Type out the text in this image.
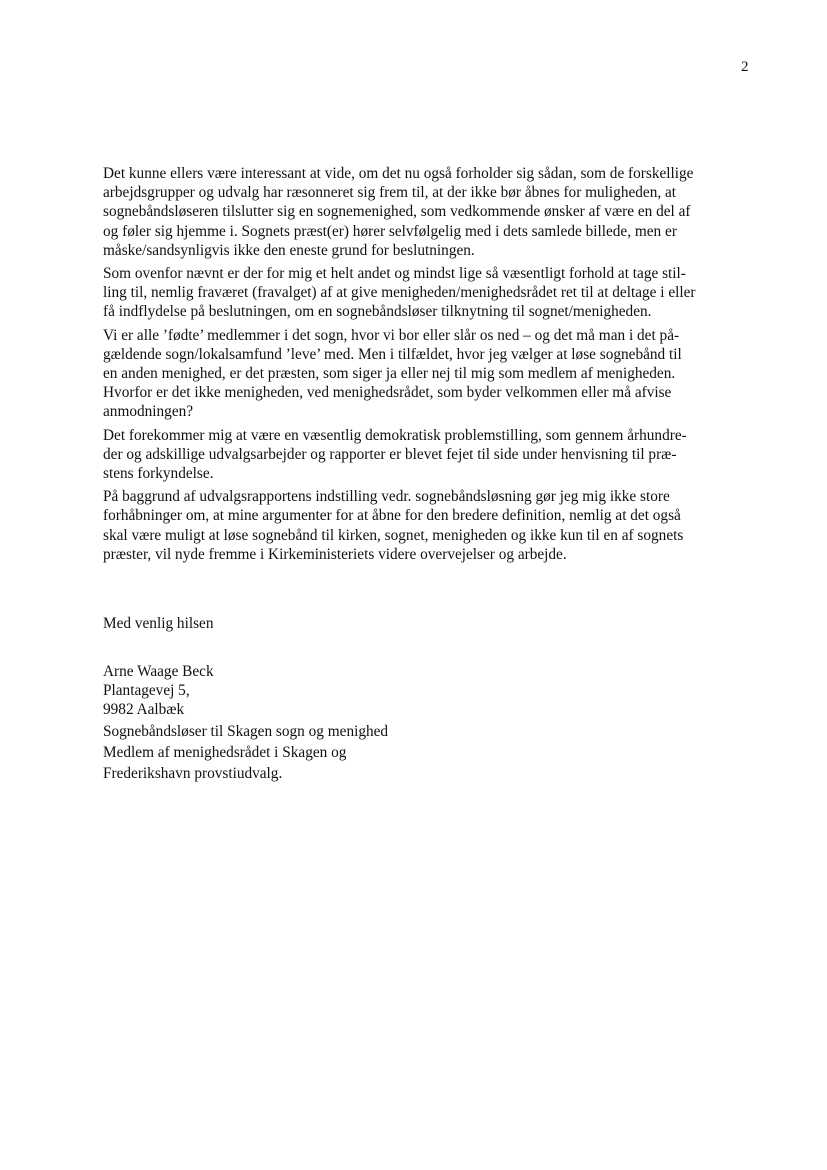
2

Det kunne ellers være interessant at vide, om det nu også forholder sig sådan, som de forskellige
arbejdsgrupper og udvalg har ræsonneret sig frem til, at der ikke bør åbnes for muligheden, at
sognebåndsløseren tilslutter sig en sognemenighed, som vedkommende ønsker af være en del af
og føler sig hjemme i. Sognets præst(er) hører selvfølgelig med i dets samlede billede, men er
måske/sandsynligvis ikke den eneste grund for beslutningen.

Som ovenfor nævnt er der for mig et helt andet og mindst lige så væsentligt forhold at tage stil-
ling til, nemlig fraværet (fravalget) af at give menigheden/menighedsrådet ret til at deltage i eller
få indflydelse på beslutningen, om en sognebåndsløser tilknytning til sognet/menigheden.

Vi er alle ’fødte’ medlemmer i det sogn, hvor vi bor eller slår os ned – og det må man i det på-
gældende sogn/lokalsamfund ’leve’ med. Men i tilfældet, hvor jeg vælger at løse sognebånd til
en anden menighed, er det præsten, som siger ja eller nej til mig som medlem af menigheden.
Hvorfor er det ikke menigheden, ved menighedsrådet, som byder velkommen eller må afvise
anmodningen?

Det forekommer mig at være en væsentlig demokratisk problemstilling, som gennem århundre-
der og adskillige udvalgsarbejder og rapporter er blevet fejet til side under henvisning til præ-
stens forkyndelse.

På baggrund af udvalgsrapportens indstilling vedr. sognebåndsløsning gør jeg mig ikke store
forhåbninger om, at mine argumenter for at åbne for den bredere definition, nemlig at det også
skal være muligt at løse sognebånd til kirken, sognet, menigheden og ikke kun til en af sognets
præster, vil nyde fremme i Kirkeministeriets videre overvejelser og arbejde.

Med venlig hilsen
Arne Waage Beck
Plantagevej 5,
9982 Aalbæk
Sognebåndsløser til Skagen sogn og menighed
Medlem af menighedsrådet i Skagen og
Frederikshavn provstiudvalg.
